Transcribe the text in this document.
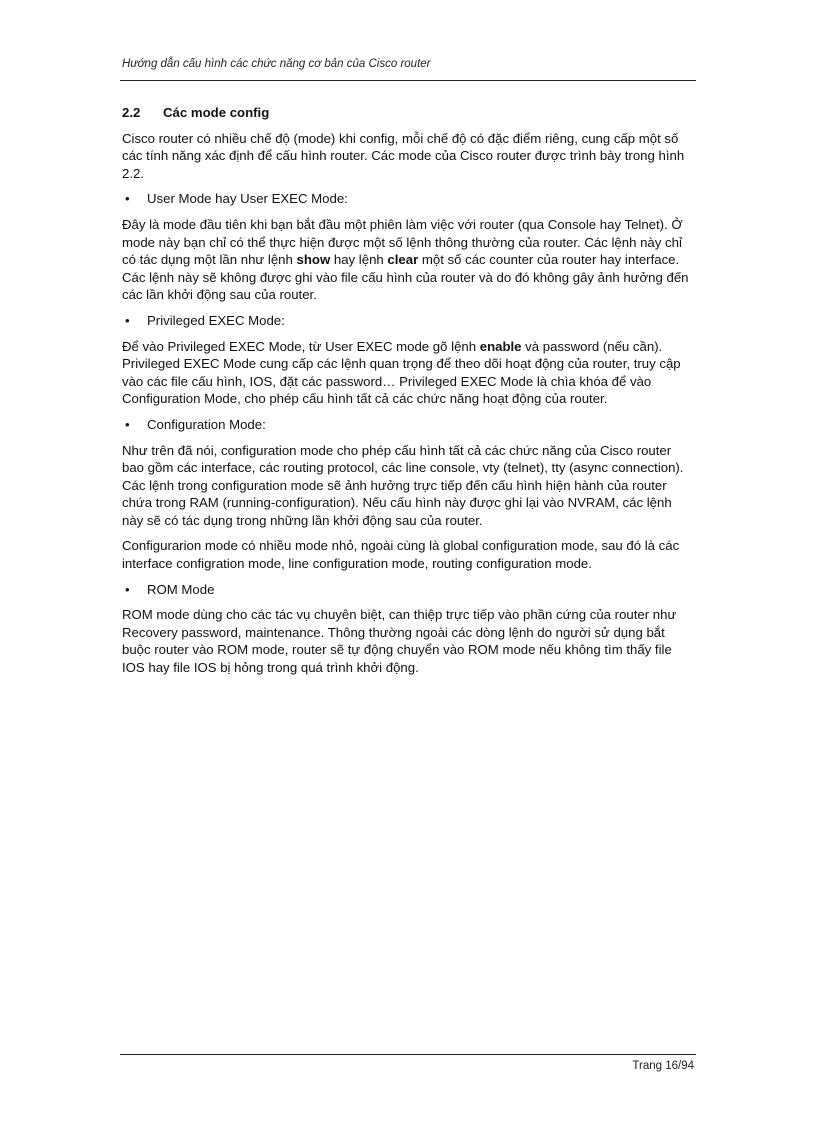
Hướng dẫn cấu hình các chức năng cơ bản của Cisco router
2.2 Các mode config

Cisco router có nhiều chế độ (mode) khi config, mỗi chế độ có đặc điểm riêng, cung cấp một số các tính năng xác định để cấu hình router. Các mode của Cisco router được trình bày trong hình 2.2.

• User Mode hay User EXEC Mode:

Đây là mode đầu tiên khi bạn bắt đầu một phiên làm việc với router (qua Console hay Telnet). Ở mode này bạn chỉ có thể thực hiện được một số lệnh thông thường của router. Các lệnh này chỉ có tác dụng một lần như lệnh show hay lệnh clear một số các counter của router hay interface. Các lệnh này sẽ không được ghi vào file cấu hình của router và do đó không gây ảnh hưởng đến các lần khởi động sau của router.

• Privileged EXEC Mode:

Để vào Privileged EXEC Mode, từ User EXEC mode gõ lệnh enable và password (nếu cần). Privileged EXEC Mode cung cấp các lệnh quan trọng để theo dõi hoạt động của router, truy cập vào các file cấu hình, IOS, đặt các password… Privileged EXEC Mode là chìa khóa để vào Configuration Mode, cho phép cấu hình tất cả các chức năng hoạt động của router.

• Configuration Mode:

Như trên đã nói, configuration mode cho phép cấu hình tất cả các chức năng của Cisco router bao gồm các interface, các routing protocol, các line console, vty (telnet), tty (async connection). Các lệnh trong configuration mode sẽ ảnh hưởng trực tiếp đến cấu hình hiện hành của router chứa trong RAM (running-configuration). Nếu cấu hình này được ghi lại vào NVRAM, các lệnh này sẽ có tác dụng trong những lần khởi động sau của router.

Configurarion mode có nhiều mode nhỏ, ngoài cùng là global configuration mode, sau đó là các interface configration mode, line configuration mode, routing configuration mode.

• ROM Mode

ROM mode dùng cho các tác vụ chuyên biệt, can thiệp trực tiếp vào phần cứng của router như Recovery password, maintenance. Thông thường ngoài các dòng lệnh do người sử dụng bắt buộc router vào ROM mode, router sẽ tự động chuyển vào ROM mode nếu không tìm thấy file IOS hay file IOS bị hỏng trong quá trình khởi động.

Trang 16/94
